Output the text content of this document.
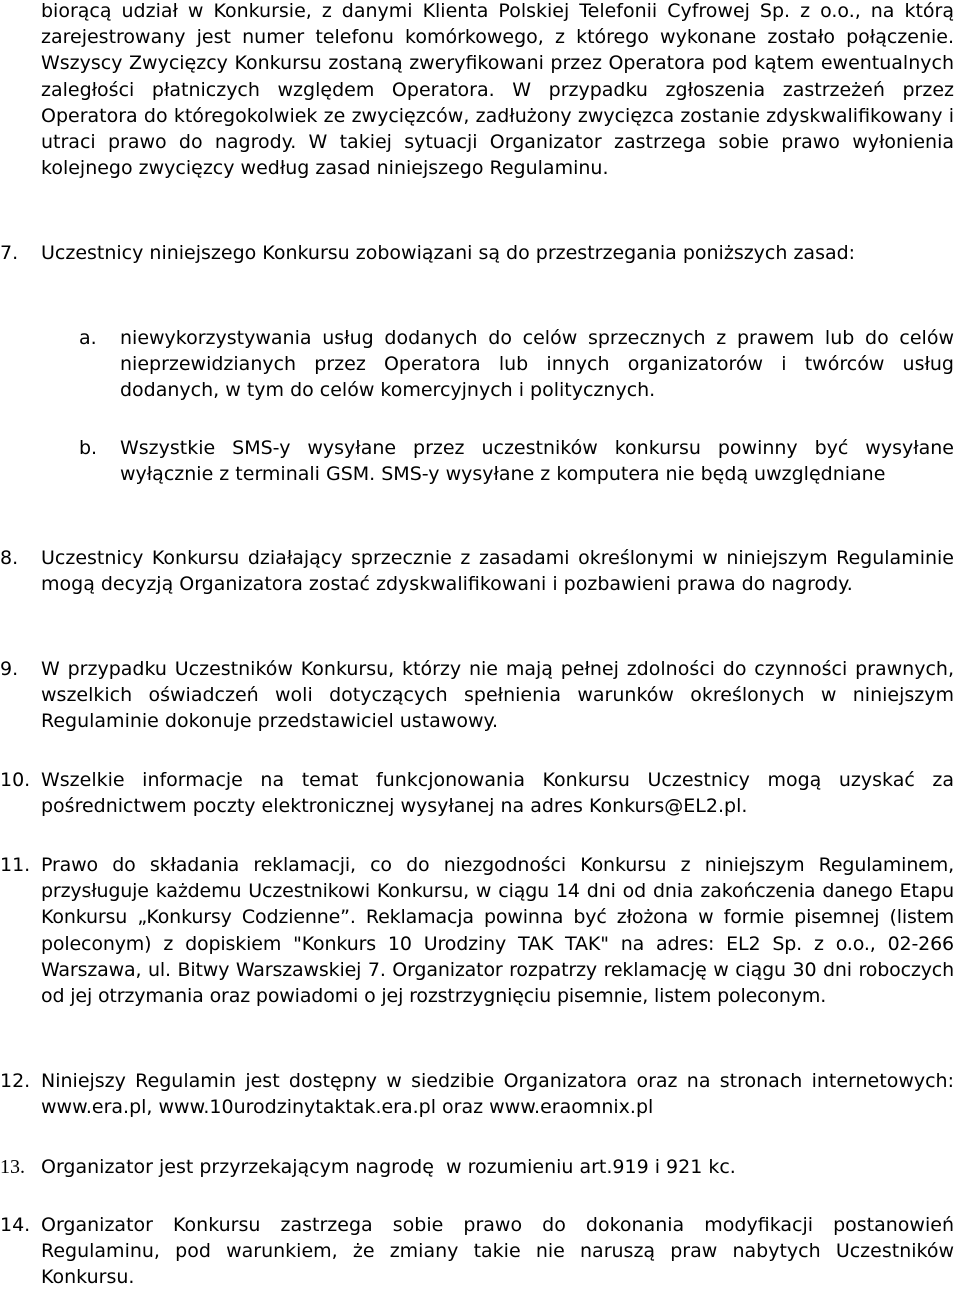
biorącą udział w Konkursie, z danymi Klienta Polskiej Telefonii Cyfrowej Sp. z o.o., na którą zarejestrowany jest numer telefonu komórkowego, z którego wykonane zostało połączenie. Wszyscy Zwycięzcy Konkursu zostaną zweryfikowani przez Operatora pod kątem ewentualnych zaległości płatniczych względem Operatora. W przypadku zgłoszenia zastrzeżeń przez Operatora do któregokolwiek ze zwycięzców, zadłużony zwycięzca zostanie zdyskwalifikowany i utraci prawo do nagrody. W takiej sytuacji Organizator zastrzega sobie prawo wyłonienia kolejnego zwycięzcy według zasad niniejszego Regulaminu.

7.	Uczestnicy niniejszego Konkursu zobowiązani są do przestrzegania poniższych zasad:

a.	niewykorzystywania usług dodanych do celów sprzecznych z prawem lub do celów nieprzewidzianych przez Operatora lub innych organizatorów i twórców usług dodanych, w tym do celów komercyjnych i politycznych.

b.	Wszystkie SMS-y wysyłane przez uczestników konkursu powinny być wysyłane wyłącznie z terminali GSM. SMS-y wysyłane z komputera nie będą uwzględniane

8.	Uczestnicy Konkursu działający sprzecznie z zasadami określonymi w niniejszym Regulaminie mogą decyzją Organizatora zostać zdyskwalifikowani i pozbawieni prawa do nagrody.

9.	W przypadku Uczestników Konkursu, którzy nie mają pełnej zdolności do czynności prawnych, wszelkich oświadczeń woli dotyczących spełnienia warunków określonych w niniejszym Regulaminie dokonuje przedstawiciel ustawowy.

10. Wszelkie informacje na temat funkcjonowania Konkursu Uczestnicy mogą uzyskać za pośrednictwem poczty elektronicznej wysyłanej na adres Konkurs@EL2.pl.

11. Prawo do składania reklamacji, co do niezgodności Konkursu z niniejszym Regulaminem, przysługuje każdemu Uczestnikowi Konkursu, w ciągu 14 dni od dnia zakończenia danego Etapu Konkursu „Konkursy Codzienne”. Reklamacja powinna być złożona w formie pisemnej (listem poleconym) z dopiskiem "Konkurs 10 Urodziny TAK TAK" na adres: EL2 Sp. z o.o., 02-266 Warszawa, ul. Bitwy Warszawskiej 7. Organizator rozpatrzy reklamację w ciągu 30 dni roboczych od jej otrzymania oraz powiadomi o jej rozstrzygnięciu pisemnie, listem poleconym.

12. Niniejszy Regulamin jest dostępny w siedzibie Organizatora oraz na stronach internetowych: www.era.pl, www.10urodzinytaktak.era.pl oraz www.eraomnix.pl

13. Organizator jest przyrzekającym nagrodę  w rozumieniu art.919 i 921 kc.

14. Organizator Konkursu zastrzega sobie prawo do dokonania modyfikacji postanowień Regulaminu, pod warunkiem, że zmiany takie nie naruszą praw nabytych Uczestników Konkursu.
